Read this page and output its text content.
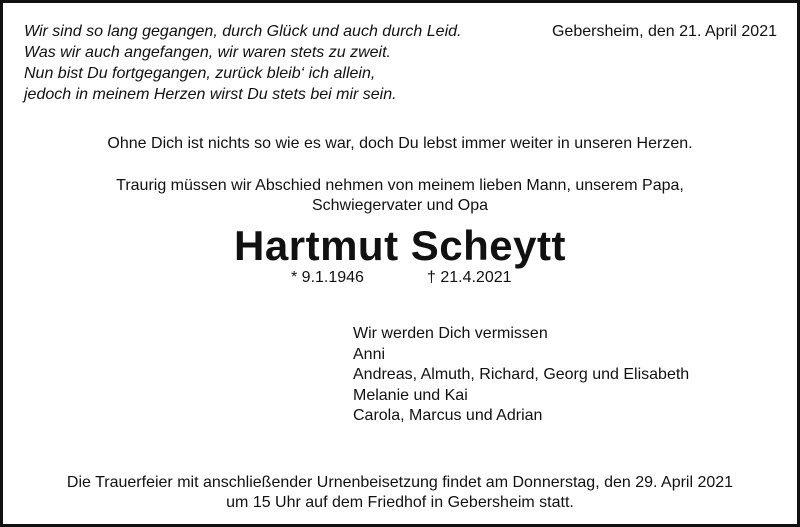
Wir sind so lang gegangen, durch Glück und auch durch Leid.
Was wir auch angefangen, wir waren stets zu zweit.
Nun bist Du fortgegangen, zurück bleib‘ ich allein,
jedoch in meinem Herzen wirst Du stets bei mir sein.
Gebersheim, den 21. April 2021
Ohne Dich ist nichts so wie es war, doch Du lebst immer weiter in unseren Herzen.
Traurig müssen wir Abschied nehmen von meinem lieben Mann, unserem Papa,
Schwiegervater und Opa
Hartmut Scheytt
* 9.1.1946	† 21.4.2021
Wir werden Dich vermissen
Anni
Andreas, Almuth, Richard, Georg und Elisabeth
Melanie und Kai
Carola, Marcus und Adrian
Die Trauerfeier mit anschließender Urnenbeisetzung findet am Donnerstag, den 29. April 2021
um 15 Uhr auf dem Friedhof in Gebersheim statt.
